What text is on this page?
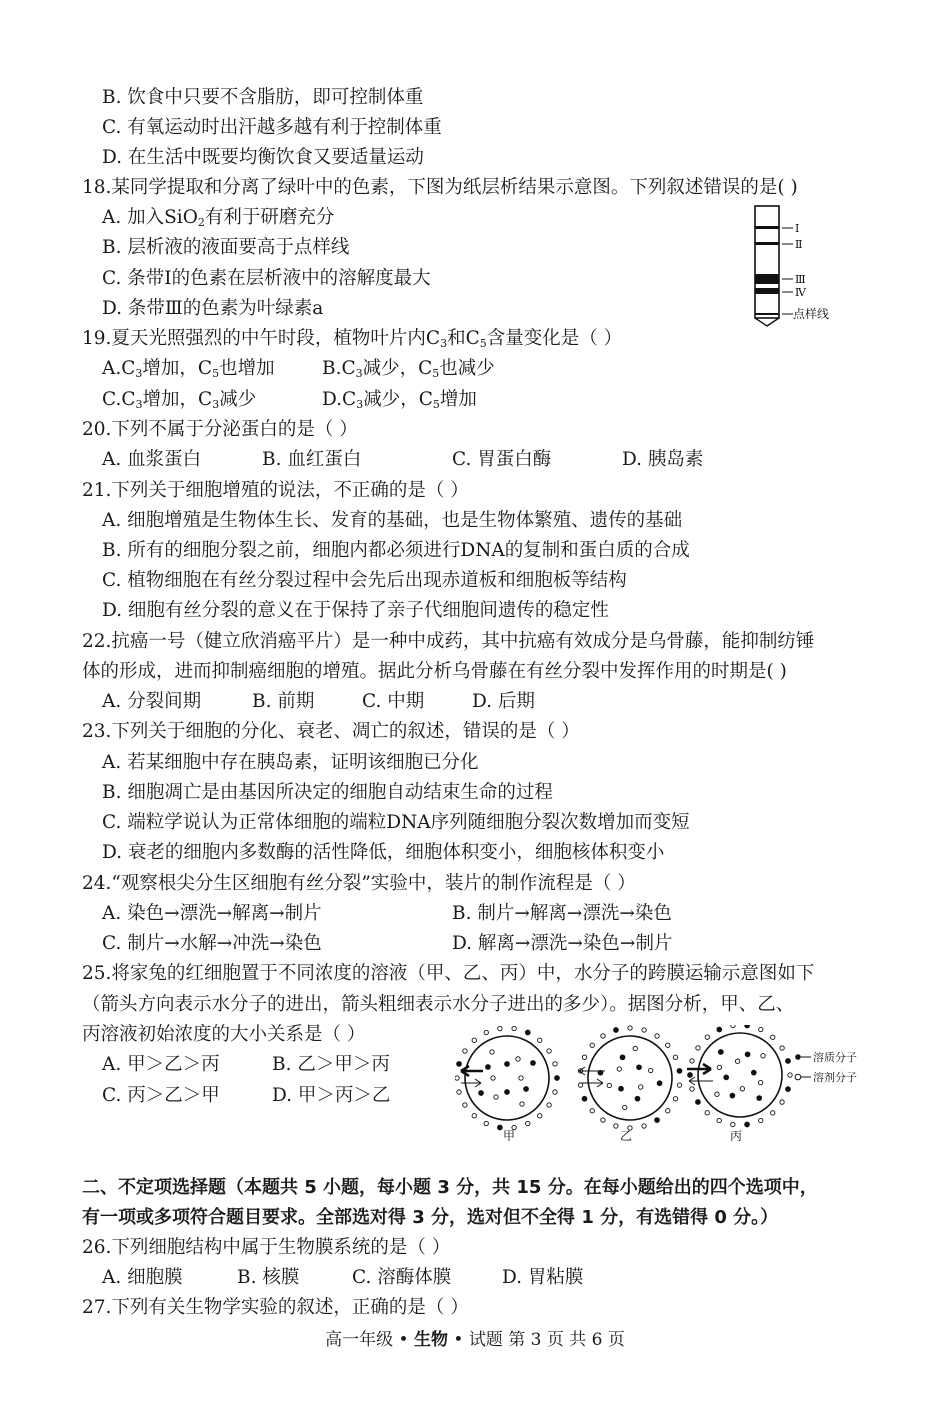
B. 饮食中只要不含脂肪，即可控制体重
C. 有氧运动时出汗越多越有利于控制体重
D. 在生活中既要均衡饮食又要适量运动
18.某同学提取和分离了绿叶中的色素，下图为纸层析结果示意图。下列叙述错误的是( )
A. 加入SiO$_2$有利于研磨充分
B. 层析液的液面要高于点样线
C. 条带Ⅰ的色素在层析液中的溶解度最大
D. 条带Ⅲ的色素为叶绿素a
Ⅰ
Ⅱ
Ⅲ
Ⅳ
点样线
19.夏天光照强烈的中午时段，植物叶片内$C_3$和$C_5$含量变化是（ ）
$A.C_3$增加，$C_5$也增加	$B.C_3$减少，$C_5$也减少
$C.C_3$增加，$C_3$减少	$D.C_3$减少，$C_5$增加
20.下列不属于分泌蛋白的是（ ）
A. 血浆蛋白	B. 血红蛋白	C. 胃蛋白酶	D. 胰岛素
21.下列关于细胞增殖的说法，不正确的是（ ）
A. 细胞增殖是生物体生长、发育的基础，也是生物体繁殖、遗传的基础
B. 所有的细胞分裂之前，细胞内都必须进行DNA的复制和蛋白质的合成
C. 植物细胞在有丝分裂过程中会先后出现赤道板和细胞板等结构
D. 细胞有丝分裂的意义在于保持了亲子代细胞间遗传的稳定性
22.抗癌一号（健立欣消癌平片）是一种中成药，其中抗癌有效成分是乌骨藤，能抑制纺锤
体的形成，进而抑制癌细胞的增殖。据此分析乌骨藤在有丝分裂中发挥作用的时期是( )
A. 分裂间期	B. 前期	C. 中期	D. 后期
23.下列关于细胞的分化、衰老、凋亡的叙述，错误的是（ ）
A. 若某细胞中存在胰岛素，证明该细胞已分化
B. 细胞凋亡是由基因所决定的细胞自动结束生命的过程
C. 端粒学说认为正常体细胞的端粒DNA序列随细胞分裂次数增加而变短
D. 衰老的细胞内多数酶的活性降低，细胞体积变小，细胞核体积变小
24.“观察根尖分生区细胞有丝分裂”实验中，装片的制作流程是（ ）
A. 染色→漂洗→解离→制片	B. 制片→解离→漂洗→染色
C. 制片→水解→冲洗→染色	D. 解离→漂洗→染色→制片
25.将家兔的红细胞置于不同浓度的溶液（甲、乙、丙）中，水分子的跨膜运输示意图如下
（箭头方向表示水分子的进出，箭头粗细表示水分子进出的多少）。据图分析，甲、乙、
丙溶液初始浓度的大小关系是（ ）
A. 甲＞乙＞丙	B. 乙＞甲＞丙
C. 丙＞乙＞甲	D. 甲＞丙＞乙
甲	乙	丙
溶质分子
溶剂分子
二、不定项选择题（本题共 5 小题，每小题 3 分，共 15 分。在每小题给出的四个选项中，
有一项或多项符合题目要求。全部选对得 3 分，选对但不全得 1 分，有选错得 0 分。）
26.下列细胞结构中属于生物膜系统的是（ ）
A. 细胞膜	B. 核膜	C. 溶酶体膜	D. 胃粘膜
27.下列有关生物学实验的叙述，正确的是（ ）
高一年级 • 生物 • 试题 第 3 页 共 6 页
